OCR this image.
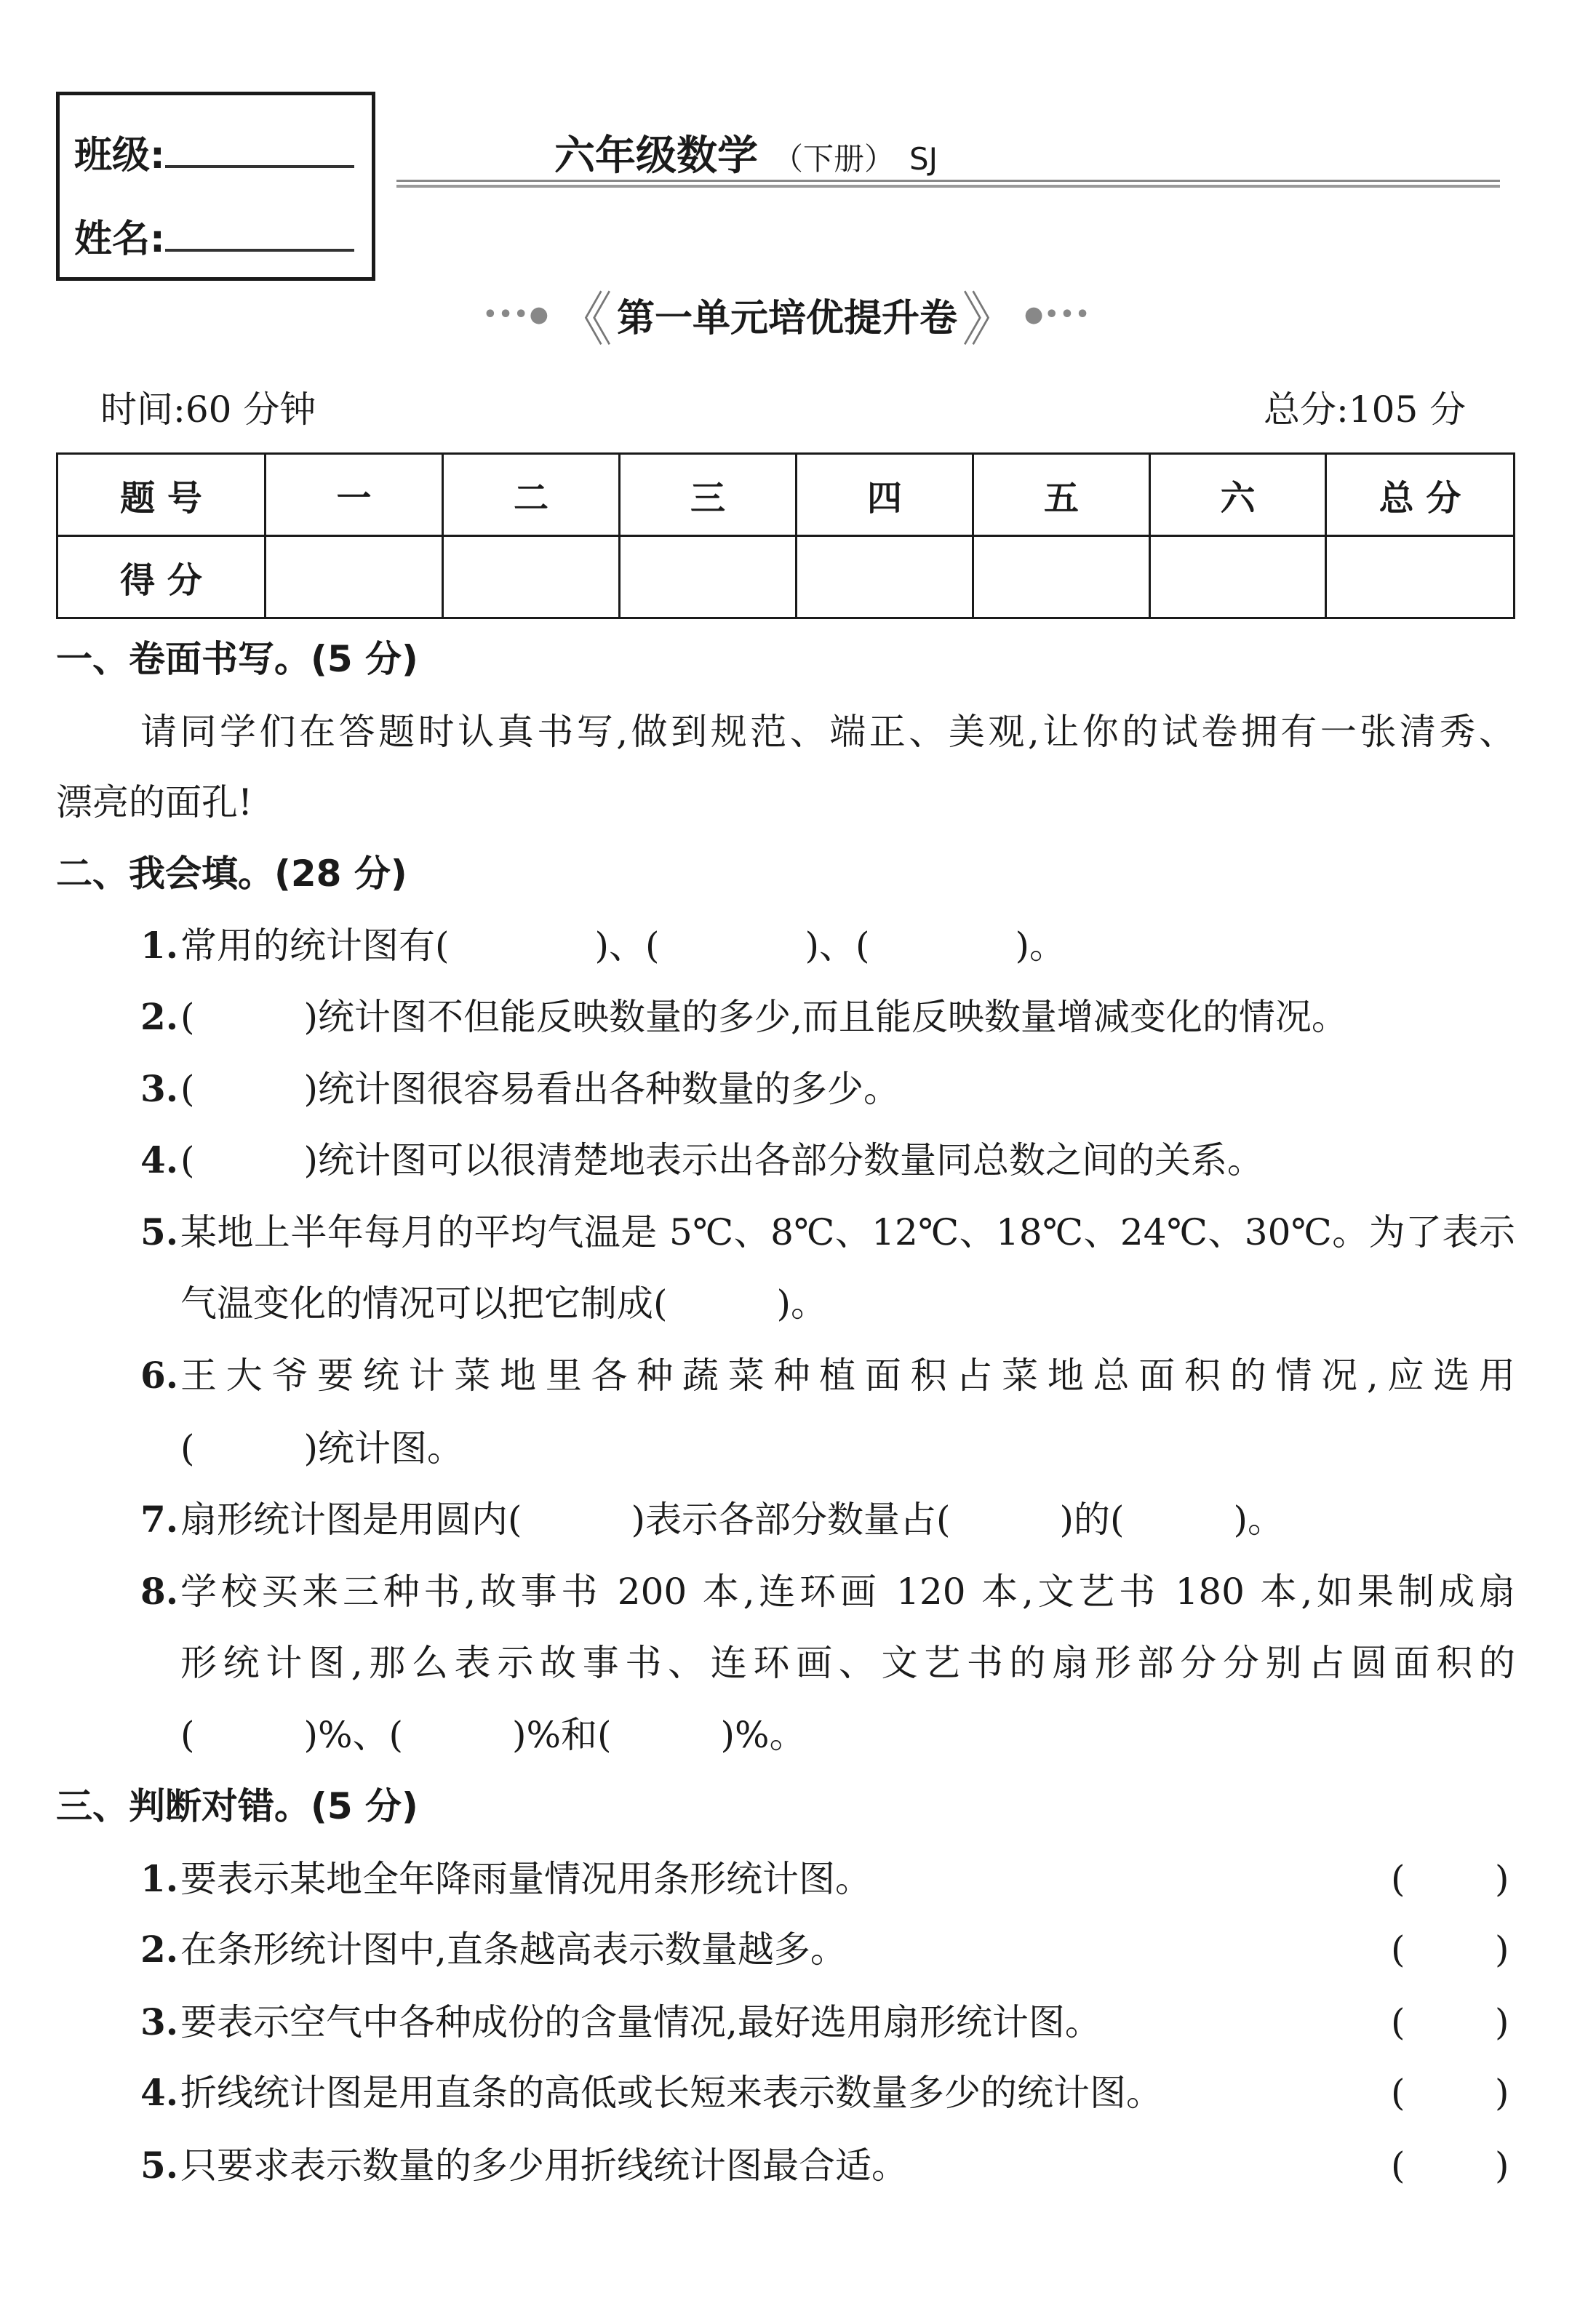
班级:
姓名:
六年级数学 （下册） SJ
•••● 《 第一单元培优提升卷 》 ●•••
时间:60 分钟	总分:105 分
题 号	一	二	三	四	五	六	总 分
得 分							
一、卷面书写。(5 分)
请同学们在答题时认真书写,做到规范、端正、美观,让你的试卷拥有一张清秀、
漂亮的面孔!
二、我会填。(28 分)
1. 常用的统计图有(　　　　)、(　　　　)、(　　　　)。
2. (　　　)统计图不但能反映数量的多少,而且能反映数量增减变化的情况。
3. (　　　)统计图很容易看出各种数量的多少。
4. (　　　)统计图可以很清楚地表示出各部分数量同总数之间的关系。
5. 某地上半年每月的平均气温是 5℃、8℃、12℃、18℃、24℃、30℃。为了表示
气温变化的情况可以把它制成(　　　)。
6. 王大爷要统计菜地里各种蔬菜种植面积占菜地总面积的情况,应选用
(　　　)统计图。
7. 扇形统计图是用圆内(　　　)表示各部分数量占(　　　)的(　　　)。
8. 学校买来三种书,故事书 200 本,连环画 120 本,文艺书 180 本,如果制成扇
形统计图,那么表示故事书、连环画、文艺书的扇形部分分别占圆面积的
(　　　)%、(　　　)%和(　　　)%。
三、判断对错。(5 分)
1. 要表示某地全年降雨量情况用条形统计图。	( )
2. 在条形统计图中,直条越高表示数量越多。	( )
3. 要表示空气中各种成份的含量情况,最好选用扇形统计图。	( )
4. 折线统计图是用直条的高低或长短来表示数量多少的统计图。	( )
5. 只要求表示数量的多少用折线统计图最合适。	( )
